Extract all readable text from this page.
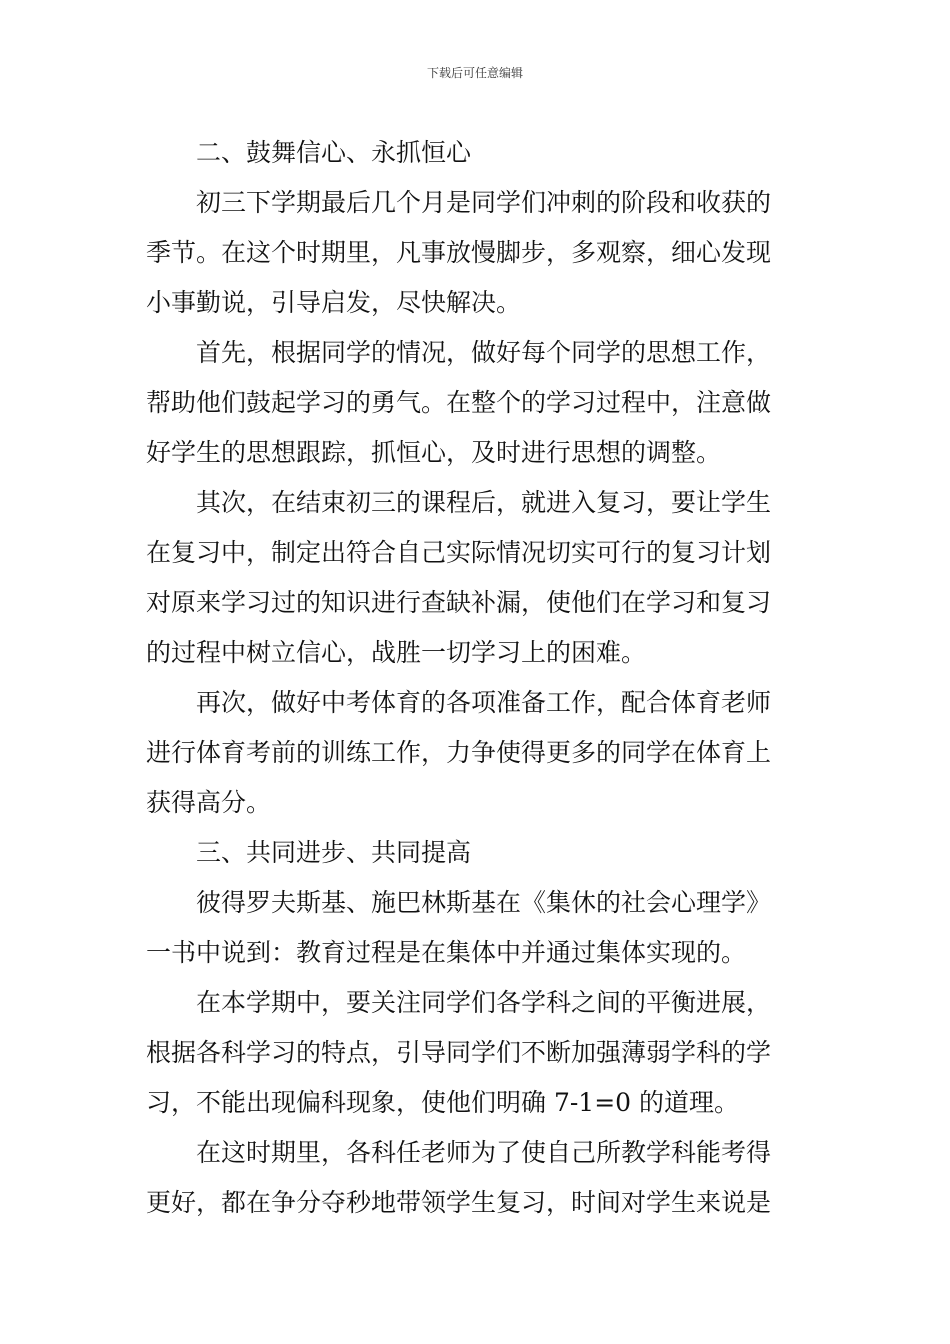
下载后可任意编辑
二、鼓舞信心、永抓恒心
初三下学期最后几个月是同学们冲刺的阶段和收获的
季节。在这个时期里，凡事放慢脚步，多观察，细心发现
小事勤说，引导启发，尽快解决。
首先，根据同学的情况，做好每个同学的思想工作，
帮助他们鼓起学习的勇气。在整个的学习过程中，注意做
好学生的思想跟踪，抓恒心，及时进行思想的调整。
其次，在结束初三的课程后，就进入复习，要让学生
在复习中，制定出符合自己实际情况切实可行的复习计划
对原来学习过的知识进行查缺补漏，使他们在学习和复习
的过程中树立信心，战胜一切学习上的困难。
再次，做好中考体育的各项准备工作，配合体育老师
进行体育考前的训练工作，力争使得更多的同学在体育上
获得高分。
三、共同进步、共同提高
彼得罗夫斯基、施巴林斯基在《集休的社会心理学》
一书中说到：教育过程是在集体中并通过集体实现的。
在本学期中，要关注同学们各学科之间的平衡进展，
根据各科学习的特点，引导同学们不断加强薄弱学科的学
习，不能出现偏科现象，使他们明确 7-1=0 的道理。
在这时期里，各科任老师为了使自己所教学科能考得
更好，都在争分夺秒地带领学生复习，时间对学生来说是
